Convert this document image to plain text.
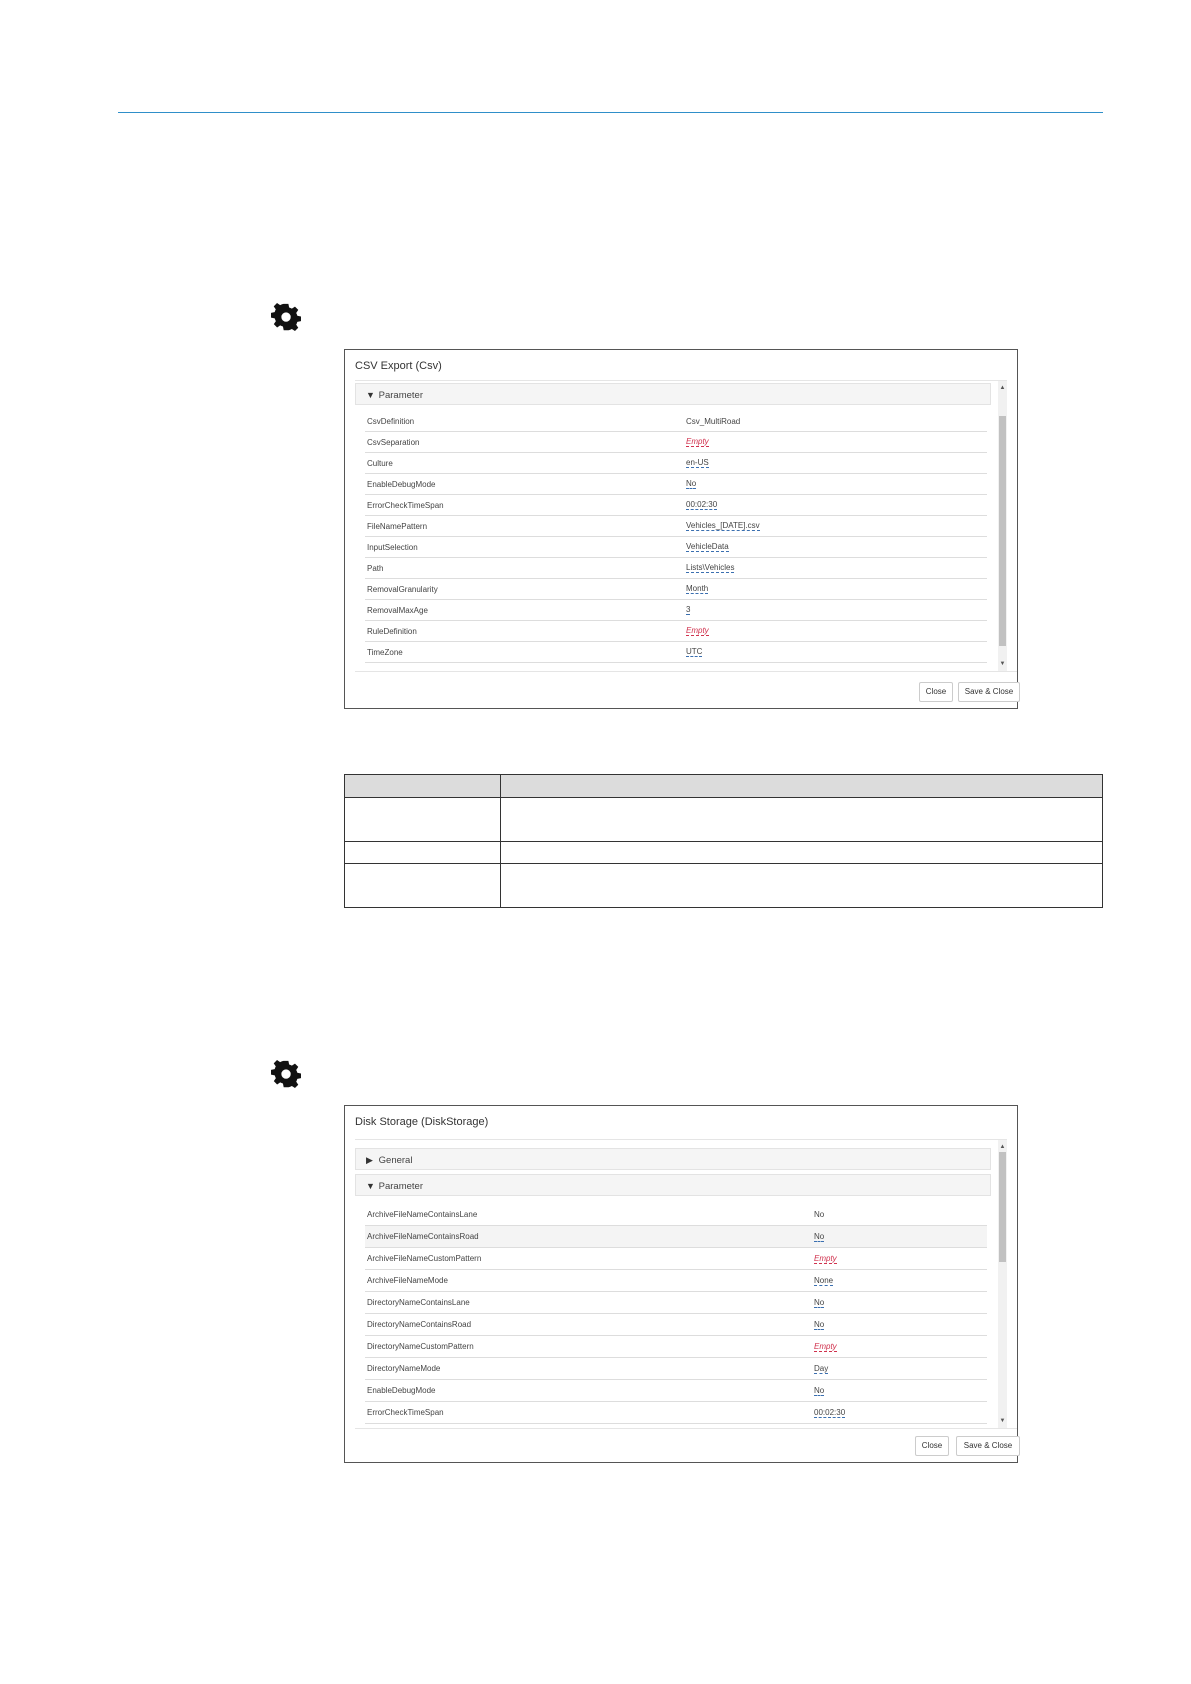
CSV Export (Csv)
▼ Parameter
CsvDefinition	Csv_MultiRoad
CsvSeparation	Empty
Culture	en-US
EnableDebugMode	No
ErrorCheckTimeSpan	00:02:30
FileNamePattern	Vehicles_[DATE].csv
InputSelection	VehicleData
Path	Lists\Vehicles
RemovalGranularity	Month
RemovalMaxAge	3
RuleDefinition	Empty
TimeZone	UTC
▲
▼
Close	Save & Close

Disk Storage (DiskStorage)
▶ General
▼ Parameter
ArchiveFileNameContainsLane	No
ArchiveFileNameContainsRoad	No
ArchiveFileNameCustomPattern	Empty
ArchiveFileNameMode	None
DirectoryNameContainsLane	No
DirectoryNameContainsRoad	No
DirectoryNameCustomPattern	Empty
DirectoryNameMode	Day
EnableDebugMode	No
ErrorCheckTimeSpan	00:02:30
▲
▼
Close	Save & Close
